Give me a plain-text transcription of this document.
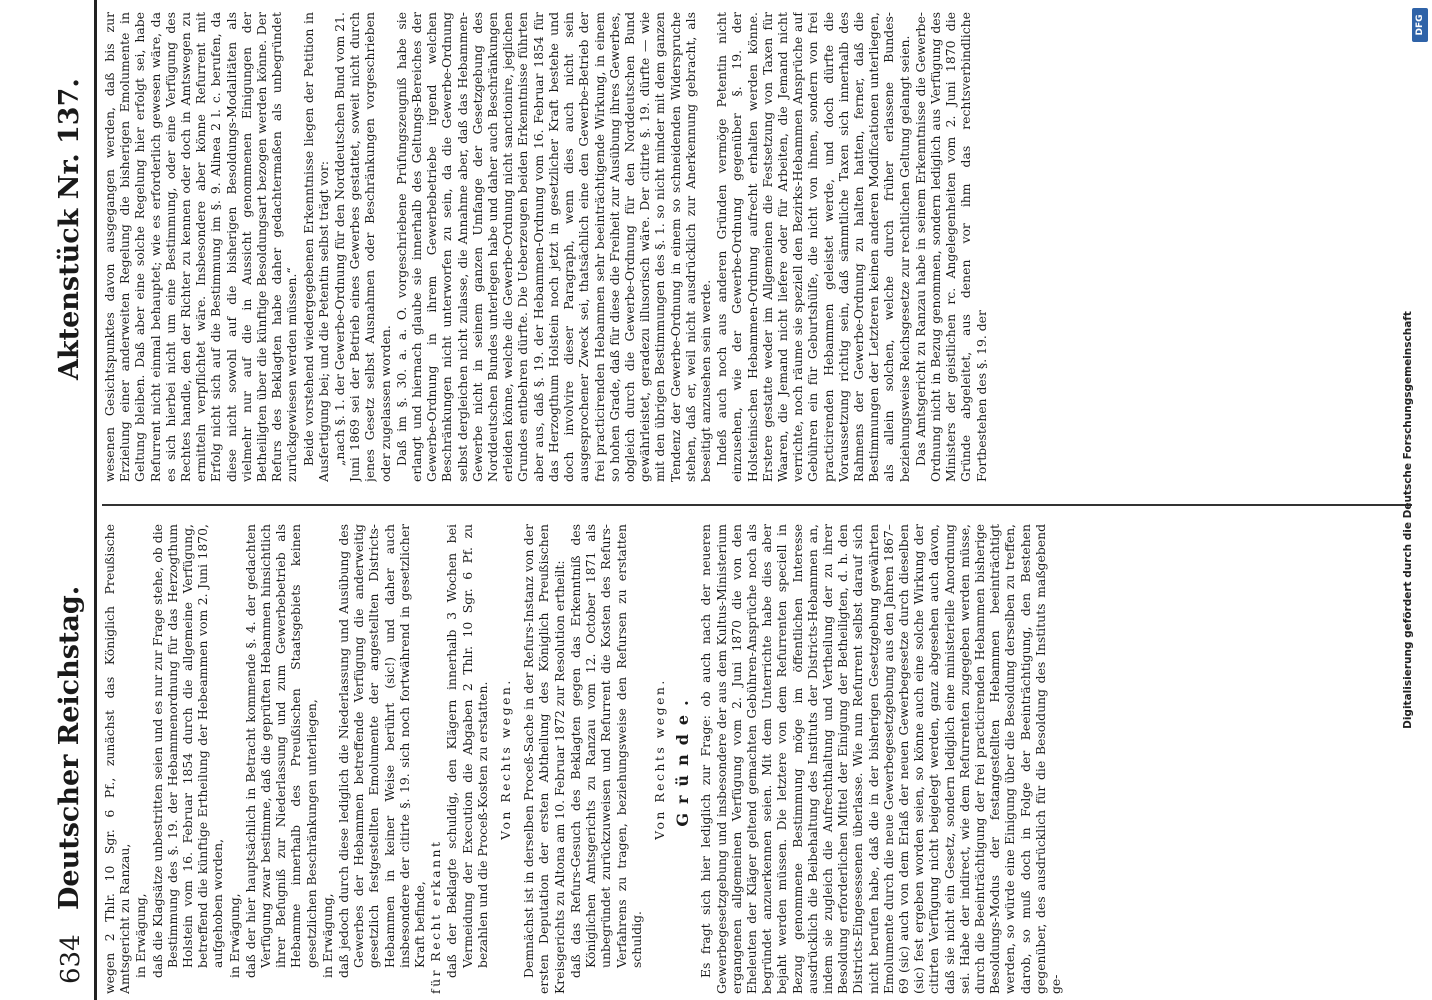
634
Deutscher Reichstag.
Aktenstück Nr. 137.

wegen 2 Thlr. 10 Sgr. 6 Pf., zunächst das Königlich Preußische Amtsgericht zu Ranzau, in Erwägung, daß die Klagsätze unbestritten seien und es nur zur Frage stehe, ob die Bestimmung des §. 19. der Hebammenordnung für das Herzogthum Holstein vom 16. Februar 1854 durch die allgemeine Verfügung, betreffend die künftige Ertheilung der Hebeammen vom 2. Juni 1870, aufgehoben worden, in Erwägung, daß der hier hauptsächlich in Betracht kommende §. 4. der gedachten Verfügung zwar bestimme, daß die geprüften Hebammen hinsichtlich ihrer Befugniß zur Niederlassung und zum Gewerbebetrieb als Hebamme innerhalb des Preußischen Staatsgebiets keinen gesetzlichen Beschränkungen unterliegen, in Erwägung, daß jedoch durch diese lediglich die Niederlassung und Ausübung des Gewerbes der Hebammen betreffende Verfügung die anderweitig gesetzlich festgestellten Emolumente der angestellten Districts-Hebammen in keiner Weise berührt (sic!) und daher auch insbesondere der citirte §. 19. sich noch fortwährend in gesetzlicher Kraft befinde, für Recht erkannt daß der Beklagte schuldig, den Klägern innerhalb 3 Wochen bei Vermeidung der Execution die Abgaben 2 Thlr. 10 Sgr. 6 Pf. zu bezahlen und die Proceß-Kosten zu erstatten. Von Rechts wegen. Demnächst ist in derselben Proceß-Sache in der Refurs-Instanz von der ersten Deputation der ersten Abtheilung des Königlich Preußischen Kreisgerichts zu Altona am 10. Februar 1872 zur Resolution ertheilt: daß das Refurs-Gesuch des Beklagten gegen das Erkenntniß des Königlichen Amtsgerichts zu Ranzau vom 12. October 1871 als unbegründet zurückzuweisen und Refurrent die Kosten des Refurs-Verfahrens zu tragen, beziehungsweise den Refursen zu erstatten schuldig.

Von Rechts wegen. Gründe. Es fragt sich hier lediglich zur Frage: ob auch nach der neueren Gewerbegesetzgebung und insbesondere der aus dem Kultus-Ministerium ergangenen allgemeinen Verfügung vom 2. Juni 1870 die von den Eheleuten der Kläger geltend gemachten Gebühren-Ansprüche noch als begründet anzuerkennen seien. Mit dem Unterrichte habe dies aber bejaht werden müssen. Die letztere von dem Refurrenten speciell in Bezug genommene Bestimmung möge im öffentlichen Interesse ausdrücklich die Beibehaltung des Instituts der Districts-Hebammen an, indem sie zugleich die Aufrechthaltung und Vertheilung der zu ihrer Besoldung erforderlichen Mittel der Einigung der Betheiligten, d. h. den Districts-Eingesessenen überlasse. Wie nun Refurrent selbst darauf sich nicht berufen habe, daß die in der bisherigen Gesetzgebung gewährten Emolumente durch die neue Gewerbegesetzgebung aus den Jahren 1867–69 (sic) auch von dem Erlaß der neuen Gewerbegesetze durch dieselben (sic) fest ergeben worden seien, so könne auch eine solche Wirkung der citirten Verfügung nicht beigelegt werden, ganz abgesehen auch davon, daß sie nicht ein Gesetz, sondern lediglich eine ministerielle Anordnung sei. Habe der indirect, wie dem Refurrenten zugegeben werden müsse, durch die Beeinträchtigung der frei practicirenden Hebammen bisherige Besoldungs-Modus der festangestellten Hebammen beeinträchtigt werden, so würde eine Einigung über die Besoldung derselben zu treffen, darob, so muß doch in Folge der Beeinträchtigung, den Bestehen gegenüber, des ausdrücklich für die Besoldung des Instituts maßgebend ge-

wesenen Gesichtspunktes davon ausgegangen werden, daß bis zur Erzielung einer anderweiten Regelung die bisherigen Emolumente in Geltung bleiben. Daß aber eine solche Regelung hier erfolgt sei, habe Refurrent nicht einmal behauptet; wie es erforderlich gewesen wäre, da es sich hierbei nicht um eine Bestimmung, oder eine Verfügung des Rechtes handle, den der Richter zu kennen oder doch in Amtswegen zu ermitteln verpflichtet wäre. Insbesondere aber könne Refurrent mit Erfolg nicht sich auf die Bestimmung im §. 9. Alinea 2 l. c. berufen, da diese nicht sowohl auf die bisherigen Besoldungs-Modalitäten als vielmehr nur auf die in Aussicht genommenen Einigungen der Betheiligten über die künftige Besoldungsart bezogen werden könne. Der Refurs des Beklagten habe daher gedachtermaßen als unbegründet zurückgewiesen werden müssen.“ Beide vorstehend wiedergegebenen Erkenntnisse liegen der Petition in Ausfertigung bei; und die Petentin selbst trägt vor: „nach §. 1. der Gewerbe-Ordnung für den Norddeutschen Bund vom 21. Juni 1869 sei der Betrieb eines Gewerbes gestattet, soweit nicht durch jenes Gesetz selbst Ausnahmen oder Beschränkungen vorgeschrieben oder zugelassen worden. Daß im §. 30. a. a. O. vorgeschriebene Prüfungszeugniß habe sie erlangt und hiernach glaube sie innerhalb des Geltungs-Bereiches der Gewerbe-Ordnung in ihrem Gewerbebetriebe irgend welchen Beschränkungen nicht unterworfen zu sein, da die Gewerbe-Ordnung selbst dergleichen nicht zulasse, die Annahme aber, daß das Hebammen-Gewerbe nicht in seinem ganzen Umfange der Gesetzgebung des Norddeutschen Bundes unterlegen habe und daher auch Beschränkungen erleiden könne, welche die Gewerbe-Ordnung nicht sanctionire, jeglichen Grundes entbehren dürfte. Die Ueberzeugen beiden Erkenntnisse führten aber aus, daß §. 19. der Hebammen-Ordnung vom 16. Februar 1854 für das Herzogthum Holstein noch jetzt in gesetzlicher Kraft bestehe und doch involvire dieser Paragraph, wenn dies auch nicht sein ausgesprochener Zweck sei, thatsächlich eine den Gewerbe-Betrieb der frei practicirenden Hebammen sehr beeinträchtigende Wirkung, in einem so hohen Grade, daß für diese die Freiheit zur Ausübung ihres Gewerbes, obgleich durch die Gewerbe-Ordnung für den Norddeutschen Bund gewährleistet, geradezu illusorisch wäre. Der citirte §. 19. dürfte — wie mit den übrigen Bestimmungen des §. 1. so nicht minder mit dem ganzen Tendenz der Gewerbe-Ordnung in einem so schneidenden Widerspruche stehen, daß er, weil nicht ausdrücklich zur Anerkennung gebracht, als beseitigt anzusehen sein werde. Indeß auch noch aus anderen Gründen vermöge Petentin nicht einzusehen, wie der Gewerbe-Ordnung gegenüber §. 19. der Holsteinischen Hebammen-Ordnung aufrecht erhalten werden könne. Erstere gestatte weder im Allgemeinen die Festsetzung von Taxen für Waaren, die Jemand nicht liefere oder für Arbeiten, die Jemand nicht verrichte, noch räume sie speziell den Bezirks-Hebammen Ansprüche auf Gebühren ein für Geburtshülfe, die nicht von ihnen, sondern von frei practicirenden Hebammen geleistet werde, und doch dürfte die Voraussetzung richtig sein, daß sämmtliche Taxen sich innerhalb des Rahmens der Gewerbe-Ordnung zu halten hatten, ferner, daß die Bestimmungen der Letzteren keinen anderen Modificationen unterliegen, als allein solchen, welche durch früher erlassene Bundes- beziehungsweise Reichsgesetze zur rechtlichen Geltung gelangt seien. Das Amtsgericht zu Ranzau habe in seinem Erkenntnisse die Gewerbe-Ordnung nicht in Bezug genommen, sondern lediglich aus Verfügung des Ministers der geistlichen rc. Angelegenheiten vom 2. Juni 1870 die Gründe abgeleitet, aus denen vor ihm das rechtsverbindliche Fortbestehen des §. 19. der	Digitalisierung gefördert durch die Deutsche Forschungsgemeinschaft
DFG
